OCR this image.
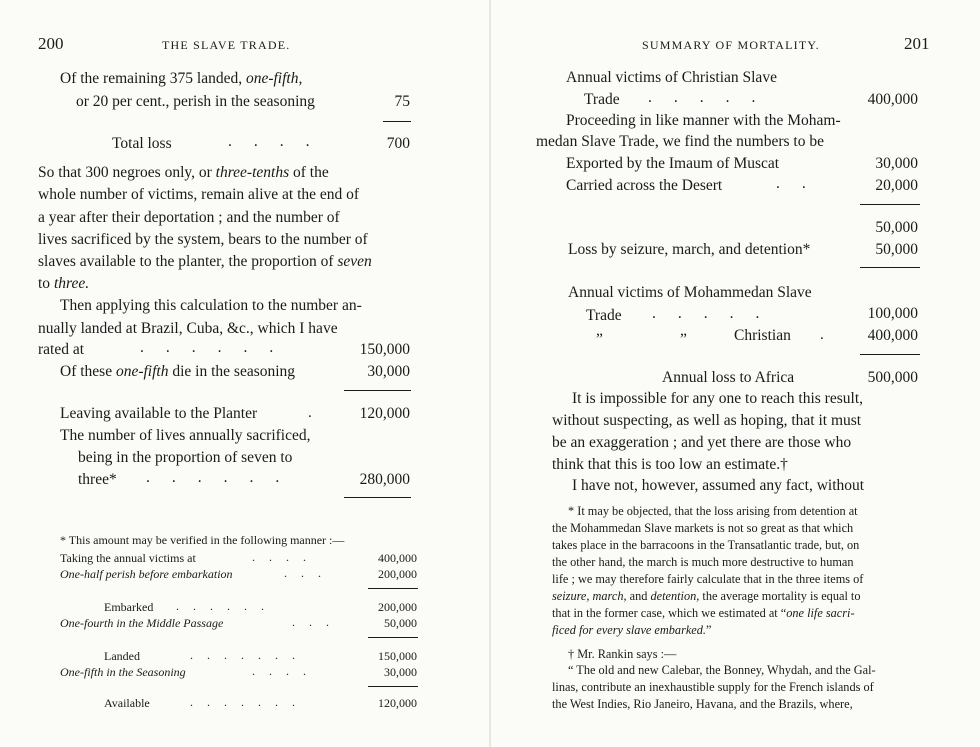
200	THE SLAVE TRADE.
Of the remaining 375 landed, one-fifth,
or 20 per cent., perish in the seasoning	75
Total loss	....	700
So that 300 negroes only, or three-tenths of the
whole number of victims, remain alive at the end of
a year after their deportation ; and the number of
lives sacrificed by the system, bears to the number of
slaves available to the planter, the proportion of seven
to three.
Then applying this calculation to the number an-
nually landed at Brazil, Cuba, &c., which I have
rated at	......	150,000
Of these one-fifth die in the seasoning	30,000
Leaving available to the Planter	.	120,000
The number of lives annually sacrificed,
being in the proportion of seven to
three* ......	280,000
* This amount may be verified in the following manner :—
Taking the annual victims at	....	400,000
One-half perish before embarkation	...	200,000
Embarked ......	200,000
One-fourth in the Middle Passage	...	50,000
Landed	.......	150,000
One-fifth in the Seasoning	....	30,000
Available	.......	120,000
SUMMARY OF MORTALITY.	201
Annual victims of Christian Slave
Trade .....	400,000
Proceeding in like manner with the Moham-
medan Slave Trade, we find the numbers to be
Exported by the Imaum of Muscat	30,000
Carried across the Desert	..	20,000
50,000
Loss by seizure, march, and detention*	50,000
Annual victims of Mohammedan Slave
Trade .....	100,000
”	”	Christian .	400,000
Annual loss to Africa	500,000
It is impossible for any one to reach this result,
without suspecting, as well as hoping, that it must
be an exaggeration ; and yet there are those who
think that this is too low an estimate.†
I have not, however, assumed any fact, without
* It may be objected, that the loss arising from detention at
the Mohammedan Slave markets is not so great as that which
takes place in the barracoons in the Transatlantic trade, but, on
the other hand, the march is much more destructive to human
life ; we may therefore fairly calculate that in the three items of
seizure, march, and detention, the average mortality is equal to
that in the former case, which we estimated at “one life sacri-
ficed for every slave embarked.”
† Mr. Rankin says :—
“ The old and new Calebar, the Bonney, Whydah, and the Gal-
linas, contribute an inexhaustible supply for the French islands of
the West Indies, Rio Janeiro, Havana, and the Brazils, where,
